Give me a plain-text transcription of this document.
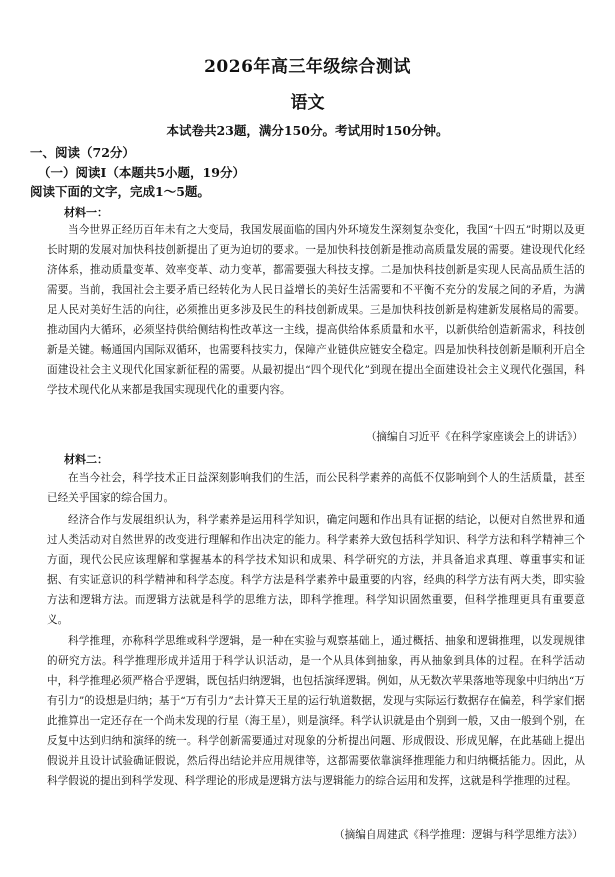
2026年高三年级综合测试
语文
本试卷共23题，满分150分。考试用时150分钟。
一、阅读（72分）
（一）阅读Ⅰ（本题共5小题，19分）
阅读下面的文字，完成1～5题。
材料一：
当今世界正经历百年未有之大变局，我国发展面临的国内外环境发生深刻复杂变化，我国“十四五”时期以及更长时期的发展对加快科技创新提出了更为迫切的要求。一是加快科技创新是推动高质量发展的需要。建设现代化经济体系，推动质量变革、效率变革、动力变革，都需要强大科技支撑。二是加快科技创新是实现人民高品质生活的需要。当前，我国社会主要矛盾已经转化为人民日益增长的美好生活需要和不平衡不充分的发展之间的矛盾，为满足人民对美好生活的向往，必须推出更多涉及民生的科技创新成果。三是加快科技创新是构建新发展格局的需要。推动国内大循环，必须坚持供给侧结构性改革这一主线，提高供给体系质量和水平，以新供给创造新需求，科技创新是关键。畅通国内国际双循环，也需要科技实力，保障产业链供应链安全稳定。四是加快科技创新是顺利开启全面建设社会主义现代化国家新征程的需要。从最初提出“四个现代化”到现在提出全面建设社会主义现代化强国，科学技术现代化从来都是我国实现现代化的重要内容。
（摘编自习近平《在科学家座谈会上的讲话》）
材料二：
在当今社会，科学技术正日益深刻影响我们的生活，而公民科学素养的高低不仅影响到个人的生活质量，甚至已经关乎国家的综合国力。
经济合作与发展组织认为，科学素养是运用科学知识，确定问题和作出具有证据的结论，以便对自然世界和通过人类活动对自然世界的改变进行理解和作出决定的能力。科学素养大致包括科学知识、科学方法和科学精神三个方面，现代公民应该理解和掌握基本的科学技术知识和成果、科学研究的方法，并具备追求真理、尊重事实和证据、有实证意识的科学精神和科学态度。科学方法是科学素养中最重要的内容，经典的科学方法有两大类，即实验方法和逻辑方法。而逻辑方法就是科学的思维方法，即科学推理。科学知识固然重要，但科学推理更具有重要意义。
科学推理，亦称科学思维或科学逻辑，是一种在实验与观察基础上，通过概括、抽象和逻辑推理，以发现规律的研究方法。科学推理形成并适用于科学认识活动，是一个从具体到抽象，再从抽象到具体的过程。在科学活动中，科学推理必须严格合乎逻辑，既包括归纳逻辑，也包括演绎逻辑。例如，从无数次苹果落地等现象中归纳出“万有引力”的设想是归纳；基于“万有引力”去计算天王星的运行轨道数据，发现与实际运行数据存在偏差，科学家们据此推算出一定还存在一个尚未发现的行星（海王星），则是演绎。科学认识就是由个别到一般，又由一般到个别，在反复中达到归纳和演绎的统一。科学创新需要通过对现象的分析提出问题、形成假设、形成见解，在此基础上提出假说并且设计试验确证假说，然后得出结论并应用规律等，这都需要依靠演绎推理能力和归纳概括能力。因此，从科学假说的提出到科学发现、科学理论的形成是逻辑方法与逻辑能力的综合运用和发挥，这就是科学推理的过程。
（摘编自周建武《科学推理：逻辑与科学思维方法》）
